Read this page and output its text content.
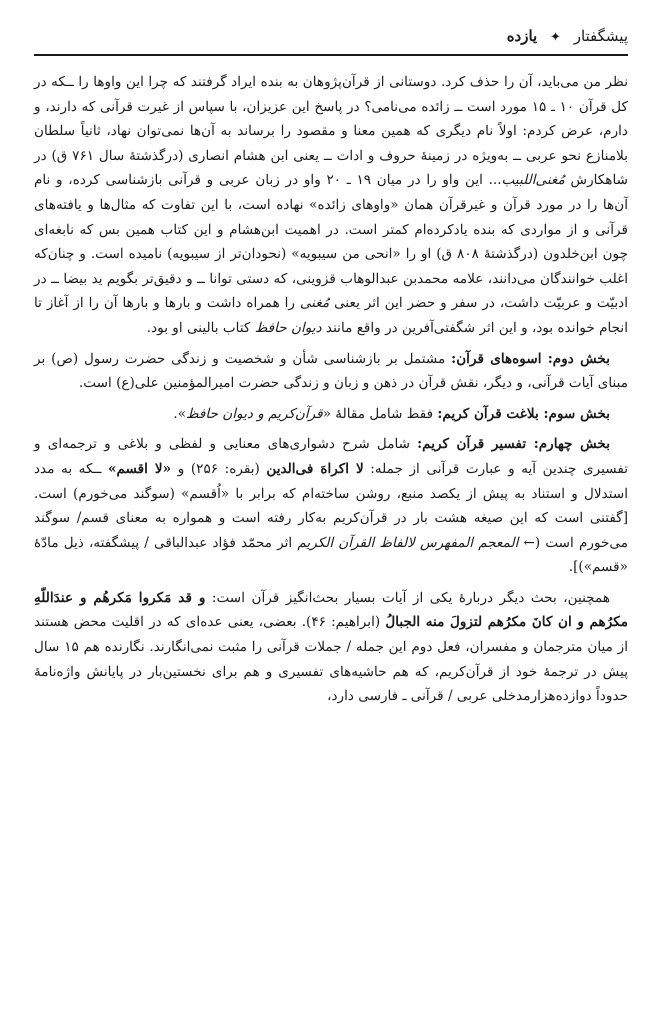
پیشگفتار ✦ یازده

نظر من می‌باید، آن را حذف کرد. دوستانی از قرآن‌پژوهان به بنده ایراد گرفتند که چرا این واوها را ــکه در کل قرآن ۱۰ ـ ۱۵ مورد است ــ زائده می‌نامی؟ در پاسخ این عزیزان، با سپاس از غیرت قرآنی که دارند، و دارم، عرض کردم: اولاً نام دیگری که همین معنا و مقصود را برساند به آن‌ها نمی‌توان نهاد، ثانیاً سلطان بلامنازع نحو عربی ــ به‌ویژه در زمینهٔ حروف و ادات ــ یعنی ابن هشام انصاری (درگذشتهٔ سال ۷۶۱ ق) در شاهکارش مُغنی‌اللبیب... این واو را در میان ۱۹ ـ ۲۰ واو در زبان عربی و قرآنی بازشناسی کرده، و نام آن‌ها را در مورد قرآن و غیرقرآن همان «واوهای زائده» نهاده است، با این تفاوت که مثال‌ها و یافته‌های قرآنی و از مواردی که بنده یادکرده‌ام کمتر است. در اهمیت ابن‌هشام و این کتاب همین بس که نابغه‌ای چون ابن‌خلدون (درگذشتهٔ ۸۰۸ ق) او را «انحی من سیبویه» (نحودان‌تر از سیبویه) نامیده است. و چنان‌که اغلب خوانندگان می‌دانند، علامه محمدبن عبدالوهاب قزوینی، که دستی توانا ــ و دقیق‌تر بگویم ید بیضا ــ در ادبیّت و عربیّت داشت، در سفر و حضر این اثر یعنی مُغنی را همراه داشت و بارها و بارها آن را از آغاز تا انجام خوانده بود، و این اثر شگفتی‌آفرین در واقع مانند دیوان حافظ کتاب بالینی او بود.

بخش دوم: اسوه‌های قرآن: مشتمل بر بازشناسی شأن و شخصیت و زندگی حضرت رسول (ص) بر مبنای آیات قرآنی، و دیگر، نقش قرآن در ذهن و زبان و زندگی حضرت امیرالمؤمنین علی(ع) است.

بخش سوم: بلاغت قرآن کریم: فقط شامل مقالهٔ «قرآن‌کریم و دیوان حافظ».

بخش چهارم: تفسیر قرآن کریم: شامل شرح دشواری‌های معنایی و لفظی و بلاغی و ترجمه‌ای و تفسیری چندین آیه و عبارت قرآنی از جمله: لا اکراهَ فی‌الدین (بقره: ۲۵۶) و «لا اقسم» ــکه به مدد استدلال و استناد به پیش از یکصد منبع، روشن ساخته‌ام که برابر با «اُقسم» (سوگند می‌خورم) است. [گفتنی است که این صیغه هشت بار در قرآن‌کریم به‌کار رفته است و همواره به معنای قسم/ سوگند می‌خورم است (← المعجم المفهرس لالفاظ القرآن الکریم اثر محمّد فؤاد عبدالباقی / پیشگفته، ذیل مادّهٔ «قسم»)].

همچنین، بحث دیگر دربارهٔ یکی از آیات بسیار بحث‌انگیز قرآن است: و قد مَکروا مَکرهُم و عندَاللّهِ مکرُهم و ان کانَ مکرُهم لتزولَ منه الجبالُ (ابراهیم: ۴۶). بعضی، یعنی عده‌ای که در اقلیت محض هستند از میان مترجمان و مفسران، فعل دوم این جمله / جملات قرآنی را مثبت نمی‌انگارند. نگارنده هم ۱۵ سال پیش در ترجمهٔ خود از قرآن‌کریم، که هم حاشیه‌های تفسیری و هم برای نخستین‌بار در پایانش واژه‌نامهٔ حدوداً دوازده‌هزارمدخلی عربی / قرآنی ـ فارسی دارد،
